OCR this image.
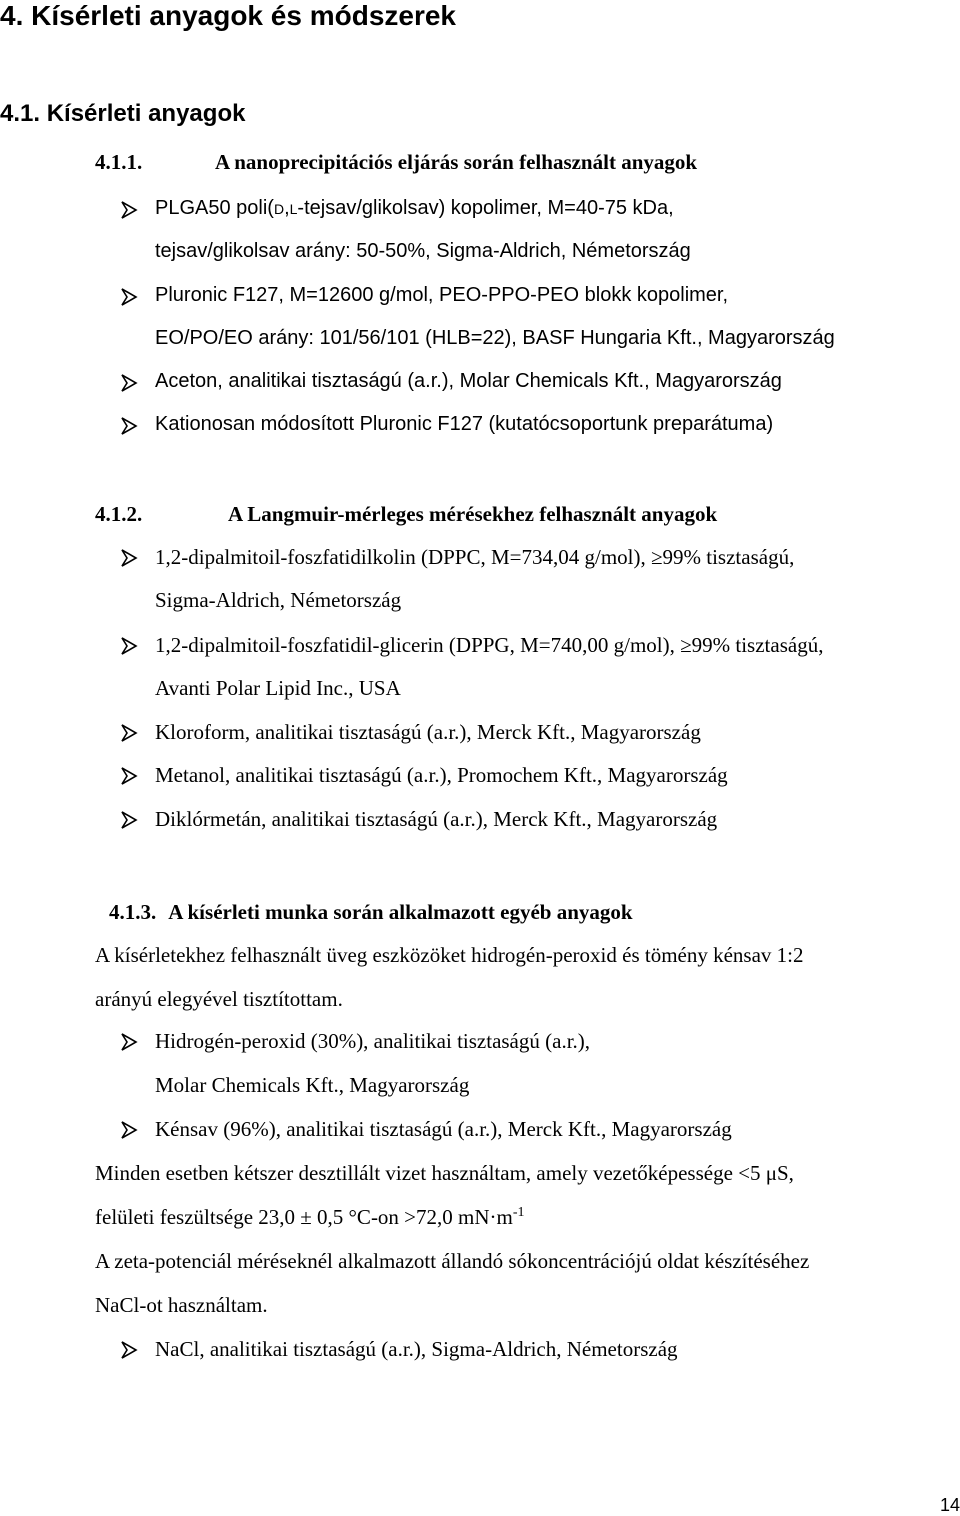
4. Kísérleti anyagok és módszerek
4.1. Kísérleti anyagok
4.1.1.	A nanoprecipitációs eljárás során felhasznált anyagok
PLGA50 poli(d,l-tejsav/glikolsav) kopolimer, M=40-75 kDa,
tejsav/glikolsav arány: 50-50%, Sigma-Aldrich, Németország
Pluronic F127, M=12600 g/mol, PEO-PPO-PEO blokk kopolimer,
EO/PO/EO arány: 101/56/101 (HLB=22), BASF Hungaria Kft., Magyarország
Aceton, analitikai tisztaságú (a.r.), Molar Chemicals Kft., Magyarország
Kationosan módosított Pluronic F127 (kutatócsoportunk preparátuma)
4.1.2.	A Langmuir-mérleges mérésekhez felhasznált anyagok
1,2-dipalmitoil-foszfatidilkolin (DPPC, M=734,04 g/mol), ≥99% tisztaságú,
Sigma-Aldrich, Németország
1,2-dipalmitoil-foszfatidil-glicerin (DPPG, M=740,00 g/mol), ≥99% tisztaságú,
Avanti Polar Lipid Inc., USA
Kloroform, analitikai tisztaságú (a.r.), Merck Kft., Magyarország
Metanol, analitikai tisztaságú (a.r.), Promochem Kft., Magyarország
Diklórmetán, analitikai tisztaságú (a.r.), Merck Kft., Magyarország
4.1.3. A kísérleti munka során alkalmazott egyéb anyagok
A kísérletekhez felhasznált üveg eszközöket hidrogén-peroxid és tömény kénsav 1:2
arányú elegyével tisztítottam.
Hidrogén-peroxid (30%), analitikai tisztaságú (a.r.),
Molar Chemicals Kft., Magyarország
Kénsav (96%), analitikai tisztaságú (a.r.), Merck Kft., Magyarország
Minden esetben kétszer desztillált vizet használtam, amely vezetőképessége <5 μS,
felületi feszültsége 23,0 ± 0,5 °C-on >72,0 $mN\cdot m^{-1}$
A zeta-potenciál méréseknél alkalmazott állandó sókoncentrációjú oldat készítéséhez
NaCl-ot használtam.
NaCl, analitikai tisztaságú (a.r.), Sigma-Aldrich, Németország
14
